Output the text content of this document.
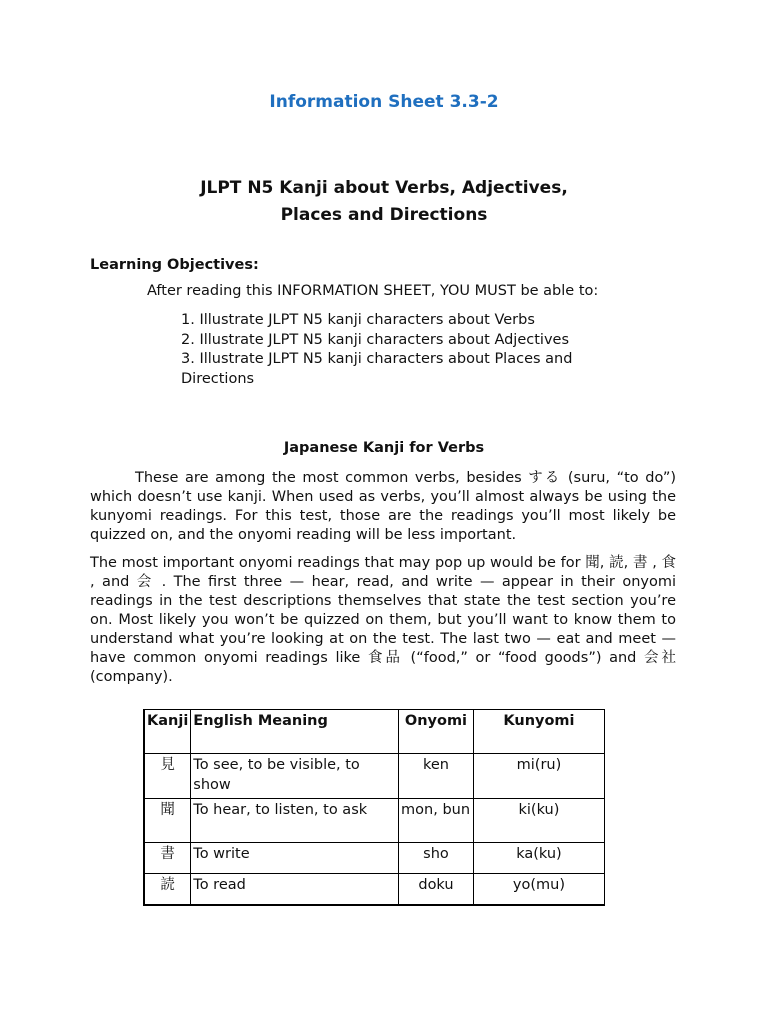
Information Sheet 3.3-2
JLPT N5 Kanji about Verbs, Adjectives,
Places and Directions
Learning Objectives:
After reading this INFORMATION SHEET, YOU MUST be able to:
1. Illustrate JLPT N5 kanji characters about Verbs
2. Illustrate JLPT N5 kanji characters about Adjectives
3. Illustrate JLPT N5 kanji characters about Places and Directions
Japanese Kanji for Verbs
These are among the most common verbs, besides する (suru, “to do”) which doesn’t use kanji. When used as verbs, you’ll almost always be using the kunyomi readings. For this test, those are the readings you’ll most likely be quizzed on, and the onyomi reading will be less important.
The most important onyomi readings that may pop up would be for 聞, 読, 書 , 食 , and 会 . The first three — hear, read, and write — appear in their onyomi readings in the test descriptions themselves that state the test section you’re on. Most likely you won’t be quizzed on them, but you’ll want to know them to understand what you’re looking at on the test. The last two — eat and meet — have common onyomi readings like 食品 (“food,” or “food goods”) and 会社 (company).
Kanji	English Meaning	Onyomi	Kunyomi
見	To see, to be visible, to show	ken	mi(ru)
聞	To hear, to listen, to ask	mon, bun	ki(ku)
書	To write	sho	ka(ku)
読	To read	doku	yo(mu)
